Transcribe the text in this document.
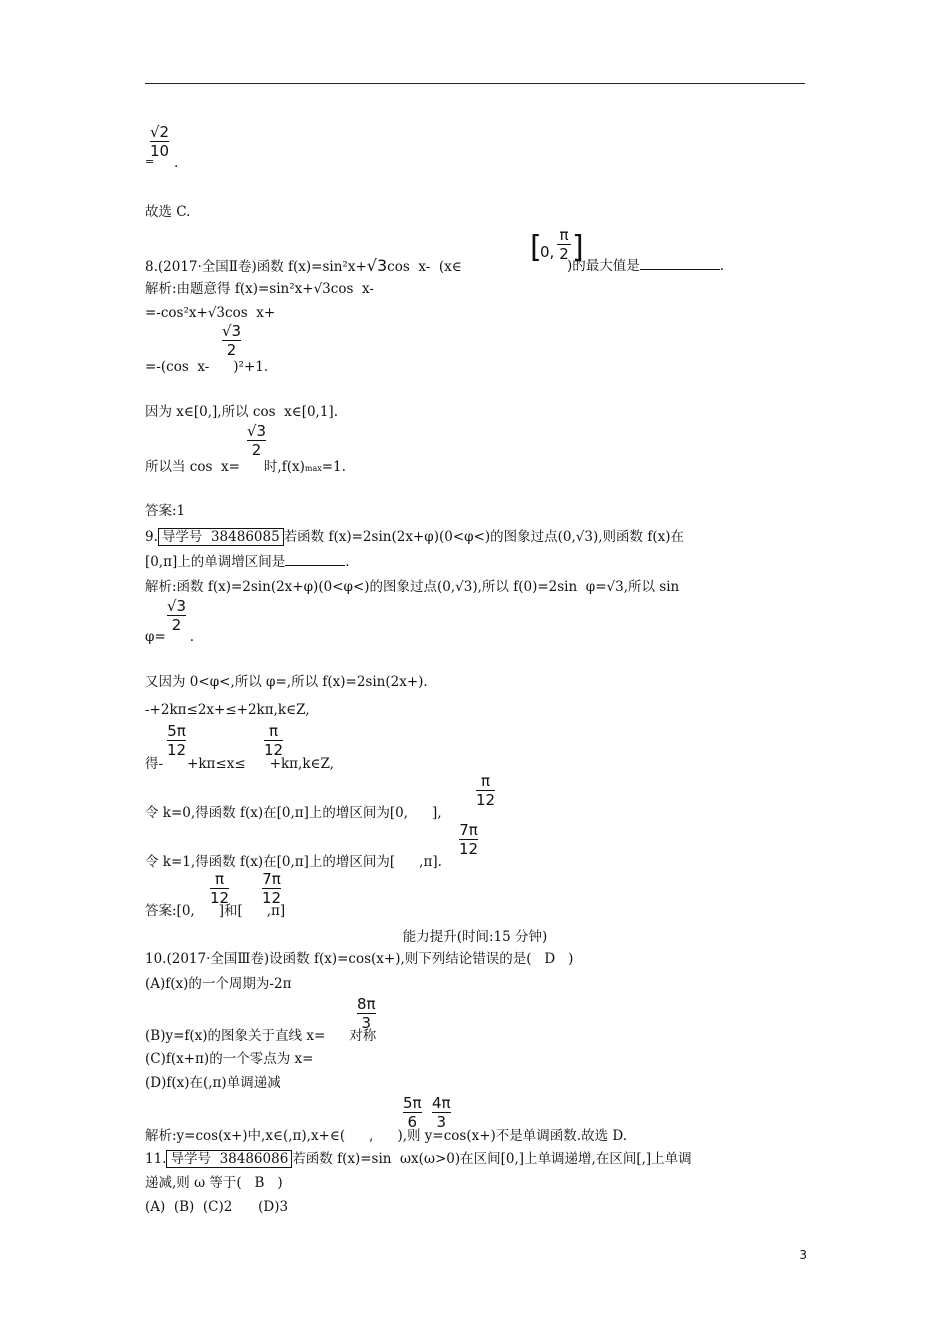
$\frac{√2}{10}$
= .
故选 C.
8.(2017·全国Ⅱ卷)函数 f(x)=sin²x+√3cos  x-  (x∈
[
0, $\frac{\pi}{2}$ ]
)的最大值是	.
解析:由题意得 f(x)=sin²x+√3cos  x-
=-cos²x+√3cos  x+
=-(cos  x- )²+1.
$\frac{√3}{2}$
因为 x∈[0,],所以 cos  x∈[0,1].
所以当 cos  x= 时,f(x)max=1.
$\frac{√3}{2}$
答案:1
9. 导学号  38486085 若函数 f(x)=2sin(2x+φ)(0<φ<)的图象过点(0,√3),则函数 f(x)在
[0,π]上的单调增区间是	.
解析:函数 f(x)=2sin(2x+φ)(0<φ<)的图象过点(0,√3),所以 f(0)=2sin  φ=√3,所以 sin
φ= .
$\frac{√3}{2}$
又因为 0<φ<,所以 φ=,所以 f(x)=2sin(2x+).
-+2kπ≤2x+≤+2kπ,k∈Z,
得- +kπ≤x≤ +kπ,k∈Z,
$\frac{5\pi}{12}$	$\frac{\pi}{12}$
令 k=0,得函数 f(x)在[0,π]上的增区间为[0, ],
$\frac{\pi}{12}$
令 k=1,得函数 f(x)在[0,π]上的增区间为[ ,π].
$\frac{7\pi}{12}$
答案:[0, ]和[ ,π]
$\frac{\pi}{12} \frac{7\pi}{12}$
能力提升(时间:15 分钟)
10.(2017·全国Ⅲ卷)设函数 f(x)=cos(x+),则下列结论错误的是(   D   )
(A)f(x)的一个周期为-2π
(B)y=f(x)的图象关于直线 x= 对称
$\frac{8\pi}{3}$
(C)f(x+π)的一个零点为 x=
(D)f(x)在(,π)单调递减
解析:y=cos(x+)中,x∈(,π),x+∈( , ),则 y=cos(x+)不是单调函数.故选 D.
$\frac{5\pi}{6} \frac{4\pi}{3}$
11. 导学号  38486086 若函数 f(x)=sin  ωx(ω>0)在区间[0,]上单调递增,在区间[,]上单调
递减,则 ω 等于(   B   )
(A)  (B)  (C)2      (D)3
3
